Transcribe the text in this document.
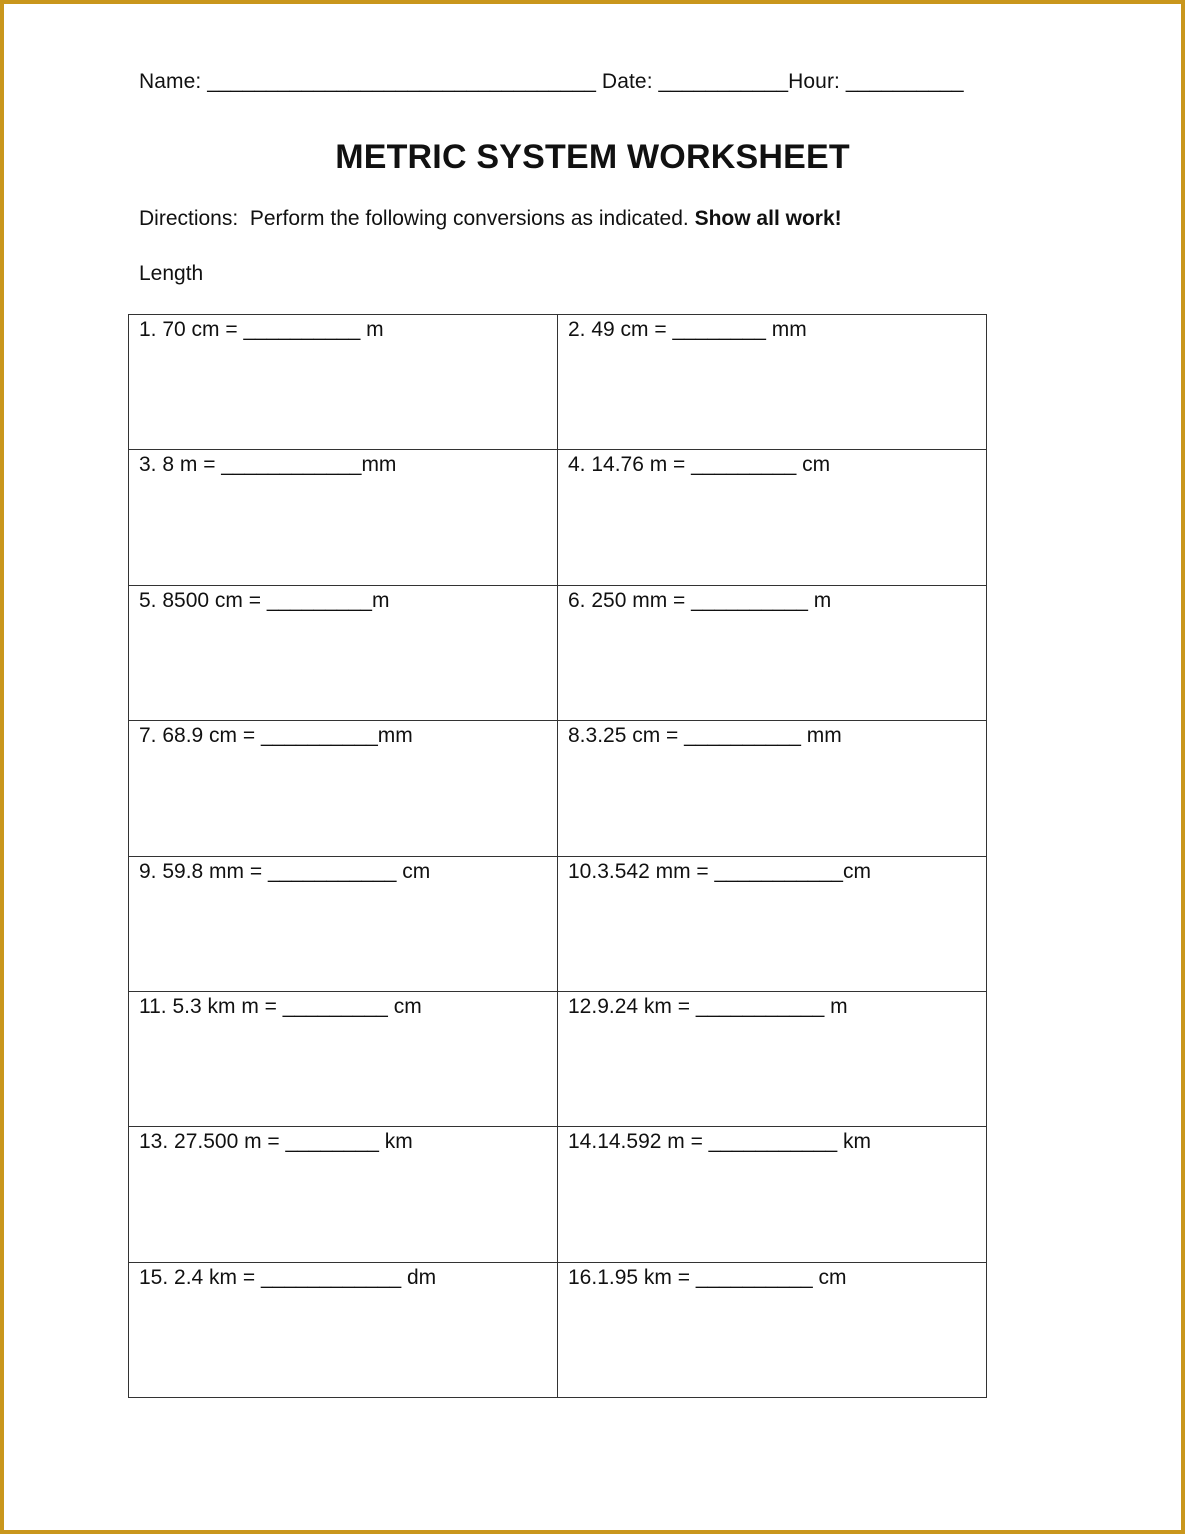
Name: _________________________________ Date: ___________Hour: __________
METRIC SYSTEM WORKSHEET
Directions:  Perform the following conversions as indicated. Show all work!
Length
1. 70 cm = __________ m	2. 49 cm = ________ mm
3. 8 m = ____________mm	4. 14.76 m = _________ cm
5. 8500 cm = _________m	6. 250 mm = __________ m
7. 68.9 cm = __________mm	8.3.25 cm = __________ mm
9. 59.8 mm = ___________ cm	10.3.542 mm = ___________cm
11. 5.3 km m = _________ cm	12.9.24 km = ___________ m
13. 27.500 m = ________ km	14.14.592 m = ___________ km
15. 2.4 km = ____________ dm	16.1.95 km = __________ cm
